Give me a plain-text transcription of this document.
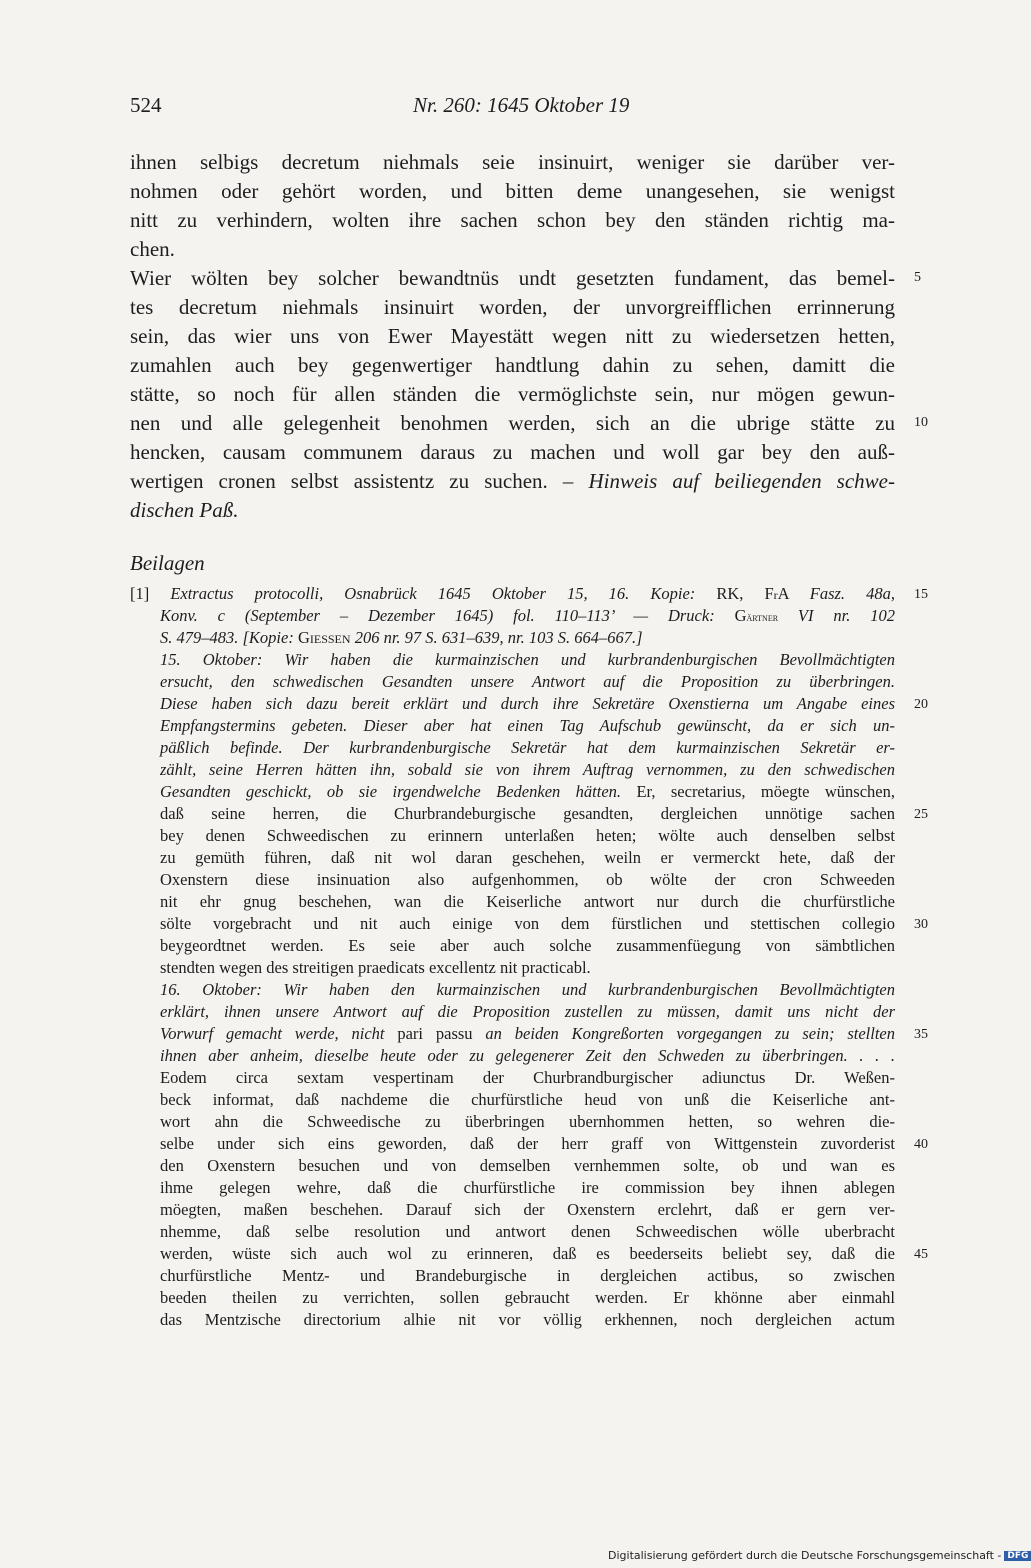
524	Nr. 260: 1645 Oktober 19
ihnen selbigs decretum niehmals seie insinuirt, weniger sie darüber ver-
nohmen oder gehört worden, und bitten deme unangesehen, sie wenigst
nitt zu verhindern, wolten ihre sachen schon bey den ständen richtig ma-
chen.
Wier wölten bey solcher bewandtnüs undt gesetzten fundament, das bemel-
tes decretum niehmals insinuirt worden, der unvorgreifflichen errinnerung
sein, das wier uns von Ewer Mayestätt wegen nitt zu wiedersetzen hetten,
zumahlen auch bey gegenwertiger handtlung dahin zu sehen, damitt die
stätte, so noch für allen ständen die vermöglichste sein, nur mögen gewun-
nen und alle gelegenheit benohmen werden, sich an die ubrige stätte zu
hencken, causam communem daraus zu machen und woll gar bey den auß-
wertigen cronen selbst assistentz zu suchen. – Hinweis auf beiliegenden schwe-
dischen Paß.
Beilagen
[1] Extractus protocolli, Osnabrück 1645 Oktober 15, 16. Kopie: RK, FrA Fasz. 48a,
Konv. c (September – Dezember 1645) fol. 110–113’ — Druck: Gärtner VI nr. 102
S. 479–483. [Kopie: Giessen 206 nr. 97 S. 631–639, nr. 103 S. 664–667.]
15. Oktober: Wir haben die kurmainzischen und kurbrandenburgischen Bevollmächtigten
ersucht, den schwedischen Gesandten unsere Antwort auf die Proposition zu überbringen.
Diese haben sich dazu bereit erklärt und durch ihre Sekretäre Oxenstierna um Angabe eines
Empfangstermins gebeten. Dieser aber hat einen Tag Aufschub gewünscht, da er sich un-
päßlich befinde. Der kurbrandenburgische Sekretär hat dem kurmainzischen Sekretär er-
zählt, seine Herren hätten ihn, sobald sie von ihrem Auftrag vernommen, zu den schwedischen
Gesandten geschickt, ob sie irgendwelche Bedenken hätten. Er, secretarius, möegte wünschen,
daß seine herren, die Churbrandeburgische gesandten, dergleichen unnötige sachen
bey denen Schweedischen zu erinnern unterlaßen heten; wölte auch denselben selbst
zu gemüth führen, daß nit wol daran geschehen, weiln er vermerckt hete, daß der
Oxenstern diese insinuation also aufgenhommen, ob wölte der cron Schweeden
nit ehr gnug beschehen, wan die Keiserliche antwort nur durch die churfürstliche
sölte vorgebracht und nit auch einige von dem fürstlichen und stettischen collegio
beygeordtnet werden. Es seie aber auch solche zusammenfüegung von sämbtlichen
stendten wegen des streitigen praedicats excellentz nit practicabl.
16. Oktober: Wir haben den kurmainzischen und kurbrandenburgischen Bevollmächtigten
erklärt, ihnen unsere Antwort auf die Proposition zustellen zu müssen, damit uns nicht der
Vorwurf gemacht werde, nicht pari passu an beiden Kongreßorten vorgegangen zu sein; stellten
ihnen aber anheim, dieselbe heute oder zu gelegenerer Zeit den Schweden zu überbringen. . . .
Eodem circa sextam vespertinam der Churbrandburgischer adiunctus Dr. Weßen-
beck informat, daß nachdeme die churfürstliche heud von unß die Keiserliche ant-
wort ahn die Schweedische zu überbringen ubernhommen hetten, so wehren die-
selbe under sich eins geworden, daß der herr graff von Wittgenstein zuvorderist
den Oxenstern besuchen und von demselben vernhemmen solte, ob und wan es
ihme gelegen wehre, daß die churfürstliche ire commission bey ihnen ablegen
möegten, maßen beschehen. Darauf sich der Oxenstern erclehrt, daß er gern ver-
nhemme, daß selbe resolution und antwort denen Schweedischen wölle uberbracht
werden, wüste sich auch wol zu erinneren, daß es beederseits beliebt sey, daß die
churfürstliche Mentz- und Brandeburgische in dergleichen actibus, so zwischen
beeden theilen zu verrichten, sollen gebraucht werden. Er khönne aber einmahl
das Mentzische directorium alhie nit vor völlig erkhennen, noch dergleichen actum
5
10
15
20
25
30
35
40
45
Digitalisierung gefördert durch die Deutsche Forschungsgemeinschaft - DFG
